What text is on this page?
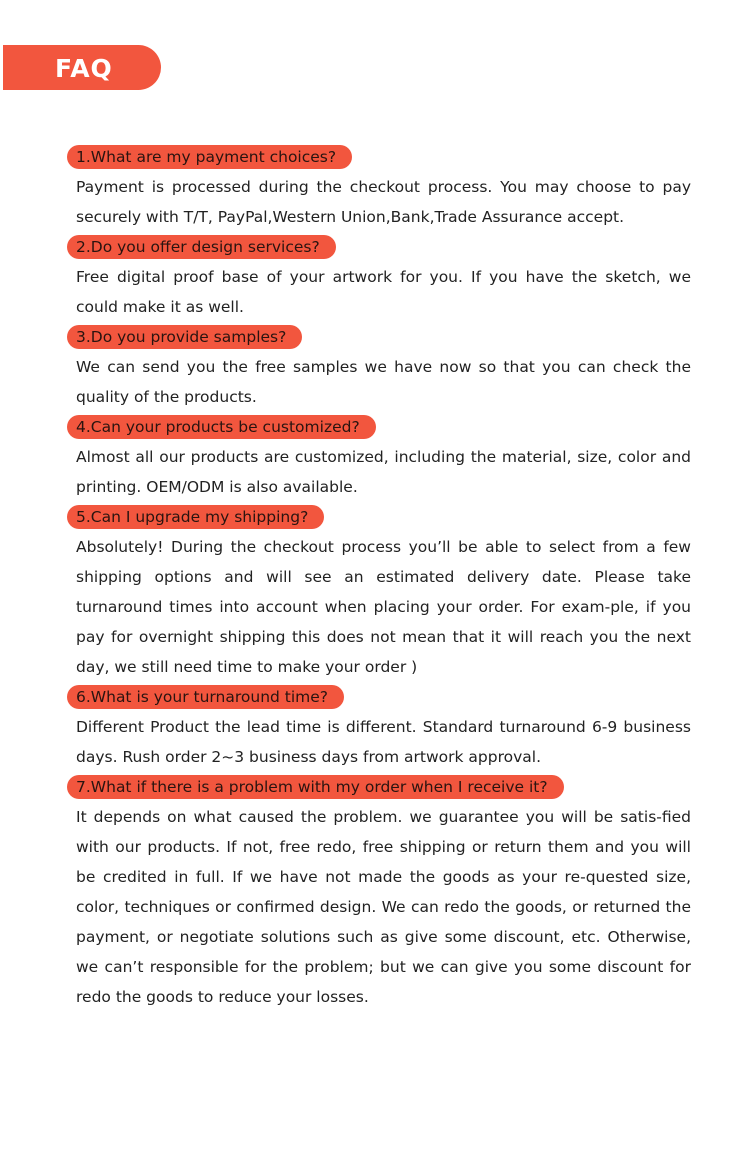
FAQ
1.What are my payment choices?

Payment is processed during the checkout process. You may choose to pay securely with T/T, PayPal,Western Union,Bank,Trade Assurance accept.

2.Do you offer design services?

Free digital proof base of your artwork for you. If you have the sketch, we could make it as well.

3.Do you provide samples?

We can send you the free samples we have now so that you can check the quality of the products.

4.Can your products be customized?

Almost all our products are customized, including the material, size, color and printing. OEM/ODM is also available.

5.Can I upgrade my shipping?

Absolutely! During the checkout process you’ll be able to select from a few shipping options and will see an estimated delivery date. Please take turnaround times into account when placing your order. For exam-ple, if you pay for overnight shipping this does not mean that it will reach you the next day, we still need time to make your order )

6.What is your turnaround time?

Different Product the lead time is different. Standard turnaround 6-9 business days. Rush order 2~3 business days from artwork approval.

7.What if there is a problem with my order when I receive it?

It depends on what caused the problem. we guarantee you will be satis-fied with our products. If not, free redo, free shipping or return them and you will be credited in full. If we have not made the goods as your re-quested size, color, techniques or confirmed design. We can redo the goods, or returned the payment, or negotiate solutions such as give some discount, etc. Otherwise, we can’t responsible for the problem; but we can give you some discount for redo the goods to reduce your losses.
